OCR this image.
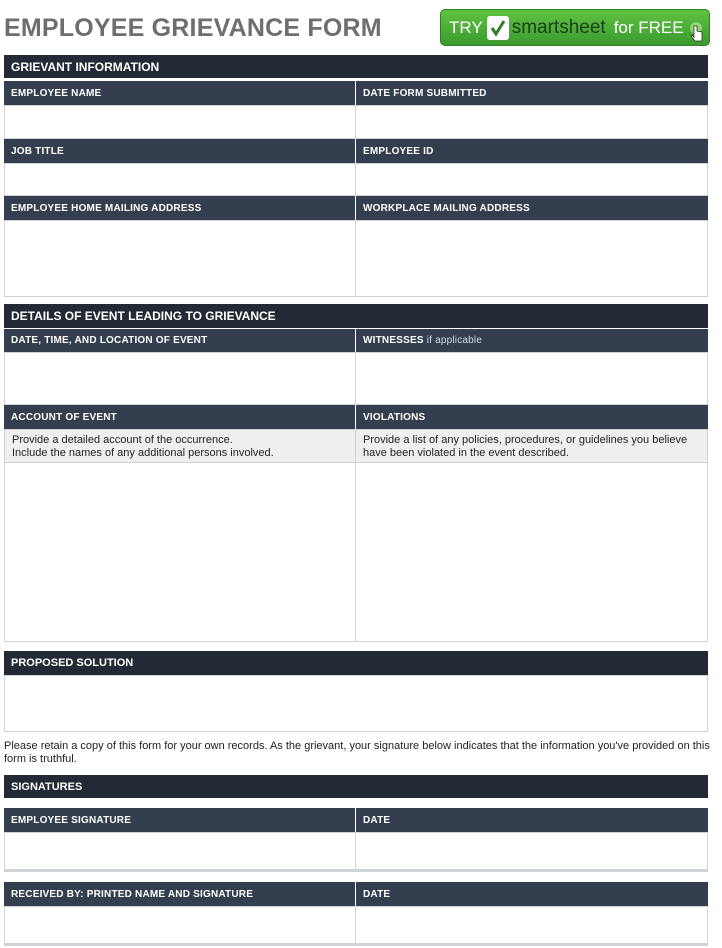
EMPLOYEE GRIEVANCE FORM	TRY smartsheet for FREE
GRIEVANT INFORMATION
EMPLOYEE NAME	DATE FORM SUBMITTED
JOB TITLE	EMPLOYEE ID
EMPLOYEE HOME MAILING ADDRESS	WORKPLACE MAILING ADDRESS
DETAILS OF EVENT LEADING TO GRIEVANCE
DATE, TIME, AND LOCATION OF EVENT	WITNESSES if applicable
ACCOUNT OF EVENT	VIOLATIONS
Provide a detailed account of the occurrence.
Include the names of any additional persons involved.
Provide a list of any policies, procedures, or guidelines you believe
have been violated in the event described.
PROPOSED SOLUTION
Please retain a copy of this form for your own records. As the grievant, your signature below indicates that the information you've provided on this form is truthful.
SIGNATURES
EMPLOYEE SIGNATURE	DATE
RECEIVED BY: PRINTED NAME AND SIGNATURE	DATE
